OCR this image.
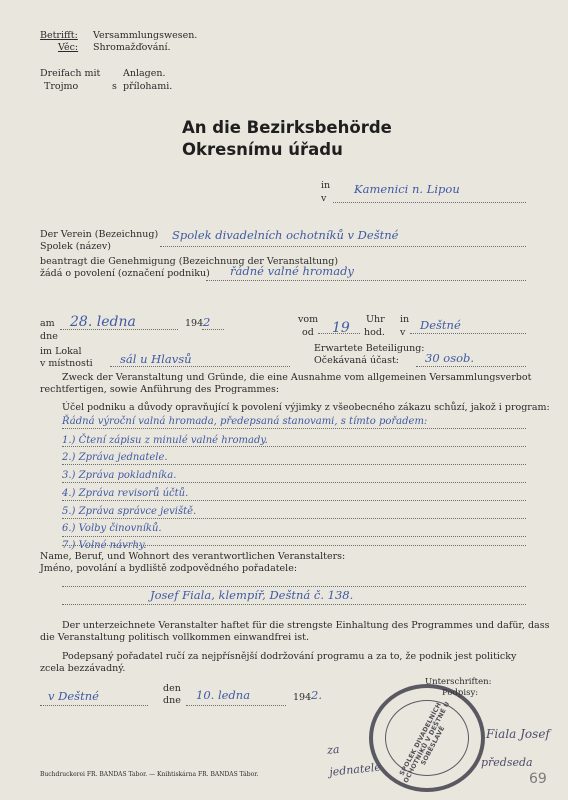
Betrifft: Versammlungswesen.
Věc: Shromažďování.
Dreifach mit Anlagen.
Trojmo	s přílohami.
An die Bezirksbehörde
Okresnímu úřadu
in
v
Kamenici n. Lipou
Der Verein (Bezeichnug)
Spolek (název)
Spolek divadelních ochotníků v Deštné
beantragt die Genehmigung (Bezeichnung der Veranstaltung)
žádá o povolení (označení podniku) řádné valné hromady
am
dne
28. ledna	194 2	vom
od 19
Uhr
hod.
in
v
Deštné
im Lokal
v místnosti sál u Hlavsů
Erwartete Beteiligung:
Očekávaná účast: 30 osob.
Zweck der Veranstaltung und Gründe, die eine Ausnahme vom allgemeinen Versammlungsverbot
rechtfertigen, sowie Anführung des Programmes:
Účel podniku a důvody opravňující k povolení výjimky z všeobecného zákazu schůzí, jakož i program:
Řádná výroční valná hromada, předepsaná stanovami, s tímto pořadem:
1.) Čtení zápisu z minulé valné hromady.
2.) Zpráva jednatele.
3.) Zpráva pokladníka.
4.) Zpráva revisorů účtů.
5.) Zpráva správce jeviště.
6.) Volby činovníků.
7.) Volné návrhy.
Name, Beruf, und Wohnort des verantwortlichen Veranstalters:
Jméno, povolání a bydliště zodpovědného pořadatele:
Josef Fiala, klempíř, Deštná č. 138.
Der unterzeichnete Veranstalter haftet für die strengste Einhaltung des Programmes und dafür, dass
die Veranstaltung politisch vollkommen einwandfrei ist.
Podepsaný pořadatel ručí za nejpřísnější dodržování programu a za to, že podnik jest politicky
zcela bezzávadný.
v Deštné
den
dne 10. ledna	194 2.
Unterschriften:
Podpisy:
SPOLEK DIVADELNÍCH OCHOTNÍKŮ V DEŠTNÉ U SOBĚSLAVĚ
za jednatele
Fiala Josef
předseda
Buchdruckerei FR. BANDAS Tabor. — Knihtiskárna FR. BANDAS Tábor.	69
